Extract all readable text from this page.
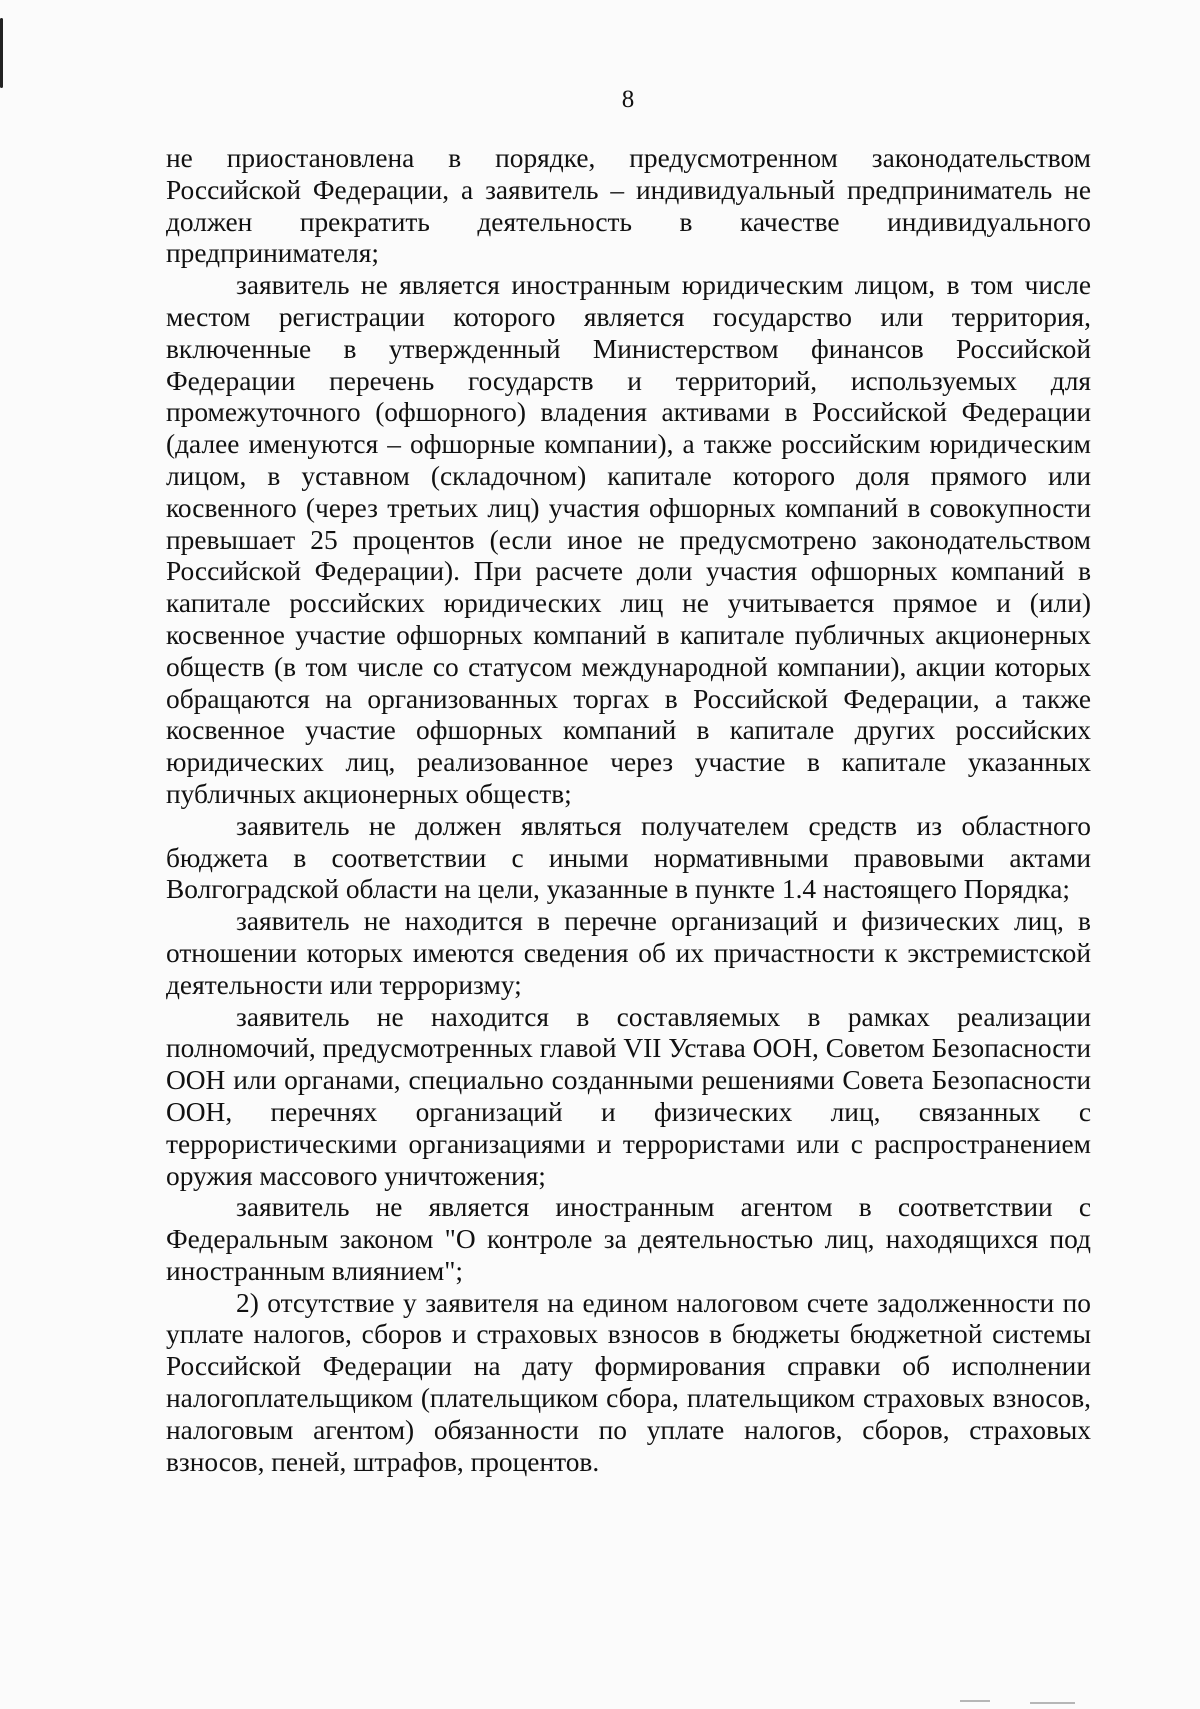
8

не приостановлена в порядке, предусмотренном законодательством Российской Федерации, а заявитель – индивидуальный предприниматель не должен прекратить деятельность в качестве индивидуального предпринимателя;

заявитель не является иностранным юридическим лицом, в том числе местом регистрации которого является государство или территория, включенные в утвержденный Министерством финансов Российской Федерации перечень государств и территорий, используемых для промежуточного (офшорного) владения активами в Российской Федерации (далее именуются – офшорные компании), а также российским юридическим лицом, в уставном (складочном) капитале которого доля прямого или косвенного (через третьих лиц) участия офшорных компаний в совокупности превышает 25 процентов (если иное не предусмотрено законодательством Российской Федерации). При расчете доли участия офшорных компаний в капитале российских юридических лиц не учитывается прямое и (или) косвенное участие офшорных компаний в капитале публичных акционерных обществ (в том числе со статусом международной компании), акции которых обращаются на организованных торгах в Российской Федерации, а также косвенное участие офшорных компаний в капитале других российских юридических лиц, реализованное через участие в капитале указанных публичных акционерных обществ;

заявитель не должен являться получателем средств из областного бюджета в соответствии с иными нормативными правовыми актами Волгоградской области на цели, указанные в пункте 1.4 настоящего Порядка;

заявитель не находится в перечне организаций и физических лиц, в отношении которых имеются сведения об их причастности к экстремистской деятельности или терроризму;

заявитель не находится в составляемых в рамках реализации полномочий, предусмотренных главой VII Устава ООН, Советом Безопасности ООН или органами, специально созданными решениями Совета Безопасности ООН, перечнях организаций и физических лиц, связанных с террористическими организациями и террористами или с распространением оружия массового уничтожения;

заявитель не является иностранным агентом в соответствии с Федеральным законом "О контроле за деятельностью лиц, находящихся под иностранным влиянием";

2) отсутствие у заявителя на едином налоговом счете задолженности по уплате налогов, сборов и страховых взносов в бюджеты бюджетной системы Российской Федерации на дату формирования справки об исполнении налогоплательщиком (плательщиком сбора, плательщиком страховых взносов, налоговым агентом) обязанности по уплате налогов, сборов, страховых взносов, пеней, штрафов, процентов.
